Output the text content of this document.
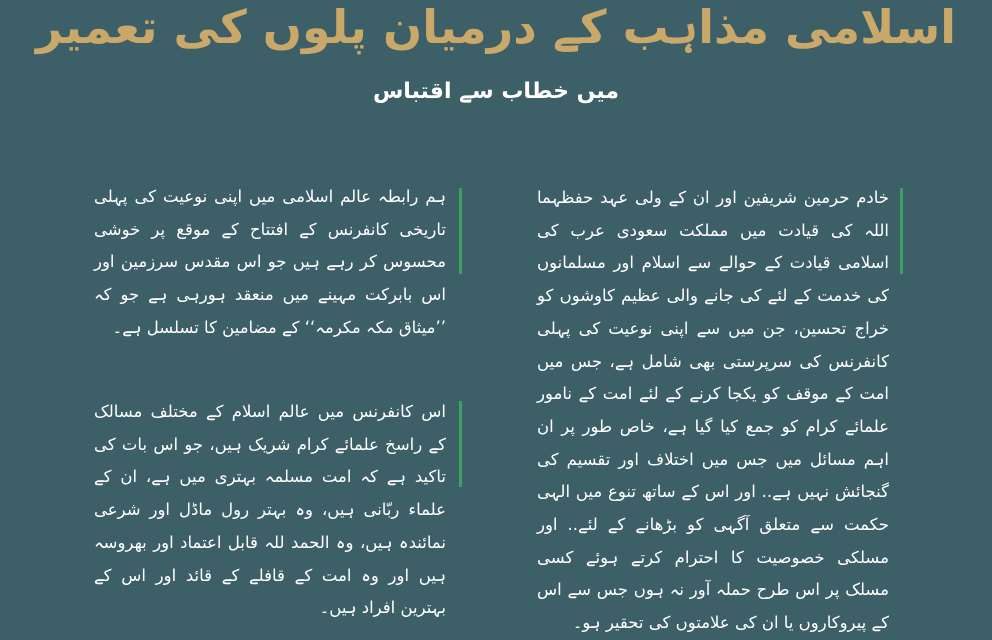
اسلامی مذاہب کے درمیان پلوں کی تعمیر
میں خطاب سے اقتباس

خادم حرمین شریفین اور ان کے ولی عہد حفظہما اللہ کی قیادت میں مملکت سعودی عرب کی اسلامی قیادت کے حوالے سے اسلام اور مسلمانوں کی خدمت کے لئے کی جانے والی عظیم کاوشوں کو خراج تحسین، جن میں سے اپنی نوعیت کی پہلی کانفرنس کی سرپرستی بھی شامل ہے، جس میں امت کے موقف کو یکجا کرنے کے لئے امت کے نامور علمائے کرام کو جمع کیا گیا ہے، خاص طور پر ان اہم مسائل میں جس میں اختلاف اور تقسیم کی گنجائش نہیں ہے.. اور اس کے ساتھ تنوع میں الہی حکمت سے متعلق آگہی کو بڑھانے کے لئے.. اور مسلکی خصوصیت کا احترام کرتے ہوئے کسی مسلک پر اس طرح حملہ آور نہ ہوں جس سے اس کے پیروکاروں یا ان کی علامتوں کی تحقیر ہو۔

ہم رابطہ عالم اسلامی میں اپنی نوعیت کی پہلی تاریخی کانفرنس کے افتتاح کے موقع پر خوشی محسوس کر رہے ہیں جو اس مقدس سرزمین اور اس بابرکت مہینے میں منعقد ہورہی ہے جو کہ ’’میثاق مکہ مکرمہ‘‘ کے مضامین کا تسلسل ہے۔

اس کانفرنس میں عالم اسلام کے مختلف مسالک کے راسخ علمائے کرام شریک ہیں، جو اس بات کی تاکید ہے کہ امت مسلمہ بہتری میں ہے، ان کے علماء ربّانی ہیں، وہ بہتر رول ماڈل اور شرعی نمائندہ ہیں، وہ الحمد للہ قابل اعتماد اور بھروسہ ہیں اور وہ امت کے قافلے کے قائد اور اس کے بہترین افراد ہیں۔
